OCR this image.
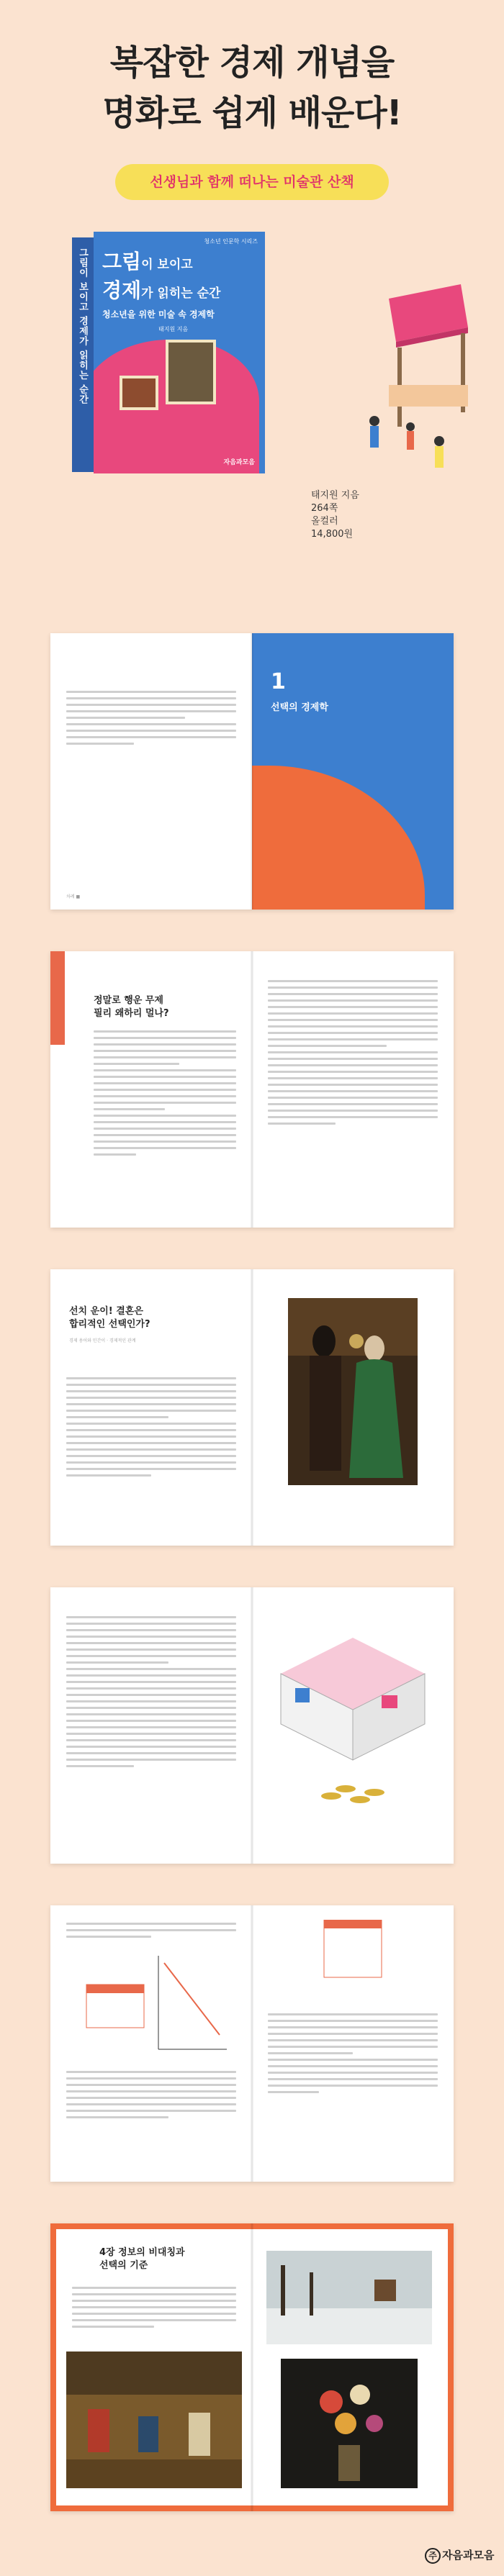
복잡한 경제 개념을
명화로 쉽게 배운다!
선생님과 함께 떠나는 미술관 산책
그림이 보이고 경제가 읽히는 순간
청소년 인문학 시리즈
그림이 보이고
경제가 읽히는 순간
청소년을 위한 미술 속 경제학
태지원 지음
자음과모음
태지원 지음
264쪽
올컬러
14,800원
차례 ■
1
선택의 경제학
정말로 행운 무제
필리 왜하리 멀나?
선치 운이! 결혼은
합리적인 선택인가?
경제 용어와 민간이 · 경제적인 관계
4장 정보의 비대칭과
선택의 기준
주 자음과모음
